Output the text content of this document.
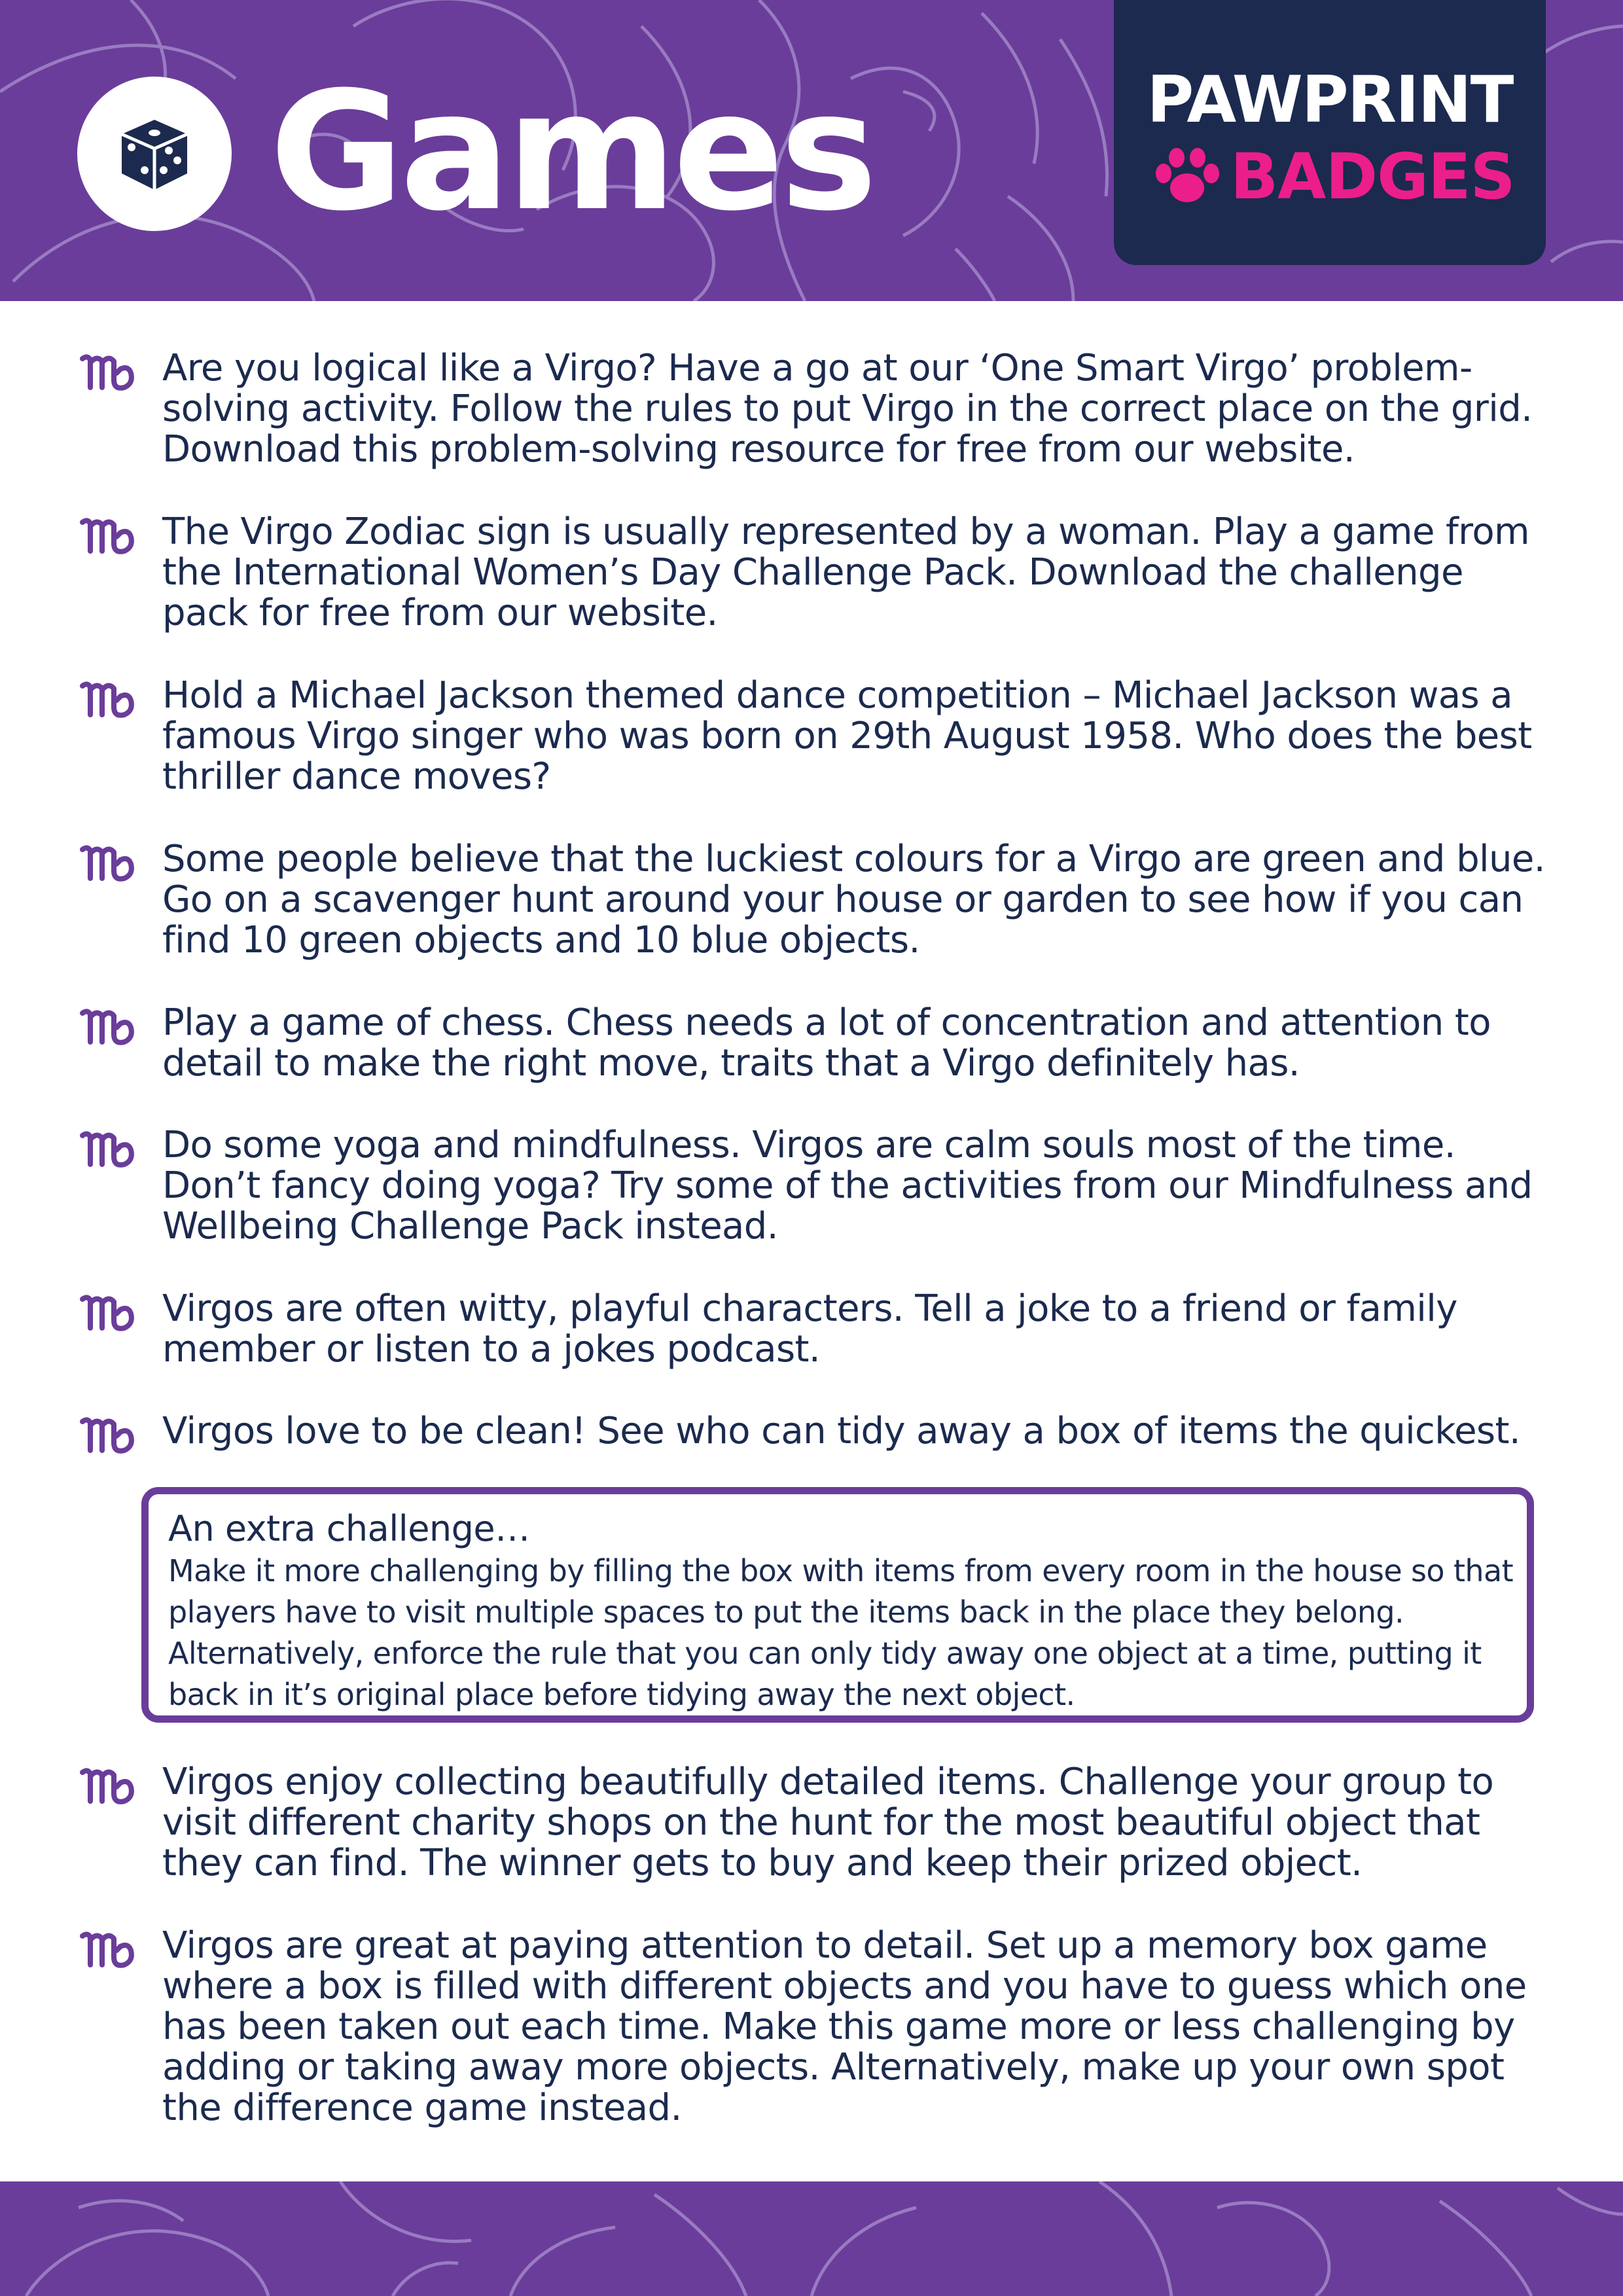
Games	PAWPRINT
BADGES

Are you logical like a Virgo? Have a go at our ‘One Smart Virgo’ problem-solving activity. Follow the rules to put Virgo in the correct place on the grid. Download this problem-solving resource for free from our website.

The Virgo Zodiac sign is usually represented by a woman. Play a game from the International Women’s Day Challenge Pack. Download the challenge pack for free from our website.

Hold a Michael Jackson themed dance competition – Michael Jackson was a famous Virgo singer who was born on 29th August 1958. Who does the best thriller dance moves?

Some people believe that the luckiest colours for a Virgo are green and blue. Go on a scavenger hunt around your house or garden to see how if you can find 10 green objects and 10 blue objects.

Play a game of chess. Chess needs a lot of concentration and attention to detail to make the right move, traits that a Virgo definitely has.

Do some yoga and mindfulness. Virgos are calm souls most of the time. Don’t fancy doing yoga? Try some of the activities from our Mindfulness and Wellbeing Challenge Pack instead.

Virgos are often witty, playful characters. Tell a joke to a friend or family member or listen to a jokes podcast.

Virgos love to be clean! See who can tidy away a box of items the quickest.

An extra challenge…

Make it more challenging by filling the box with items from every room in the house so that players have to visit multiple spaces to put the items back in the place they belong. Alternatively, enforce the rule that you can only tidy away one object at a time, putting it back in it’s original place before tidying away the next object.

Virgos enjoy collecting beautifully detailed items. Challenge your group to visit different charity shops on the hunt for the most beautiful object that they can find. The winner gets to buy and keep their prized object.

Virgos are great at paying attention to detail. Set up a memory box game where a box is filled with different objects and you have to guess which one has been taken out each time. Make this game more or less challenging by adding or taking away more objects. Alternatively, make up your own spot the difference game instead.
